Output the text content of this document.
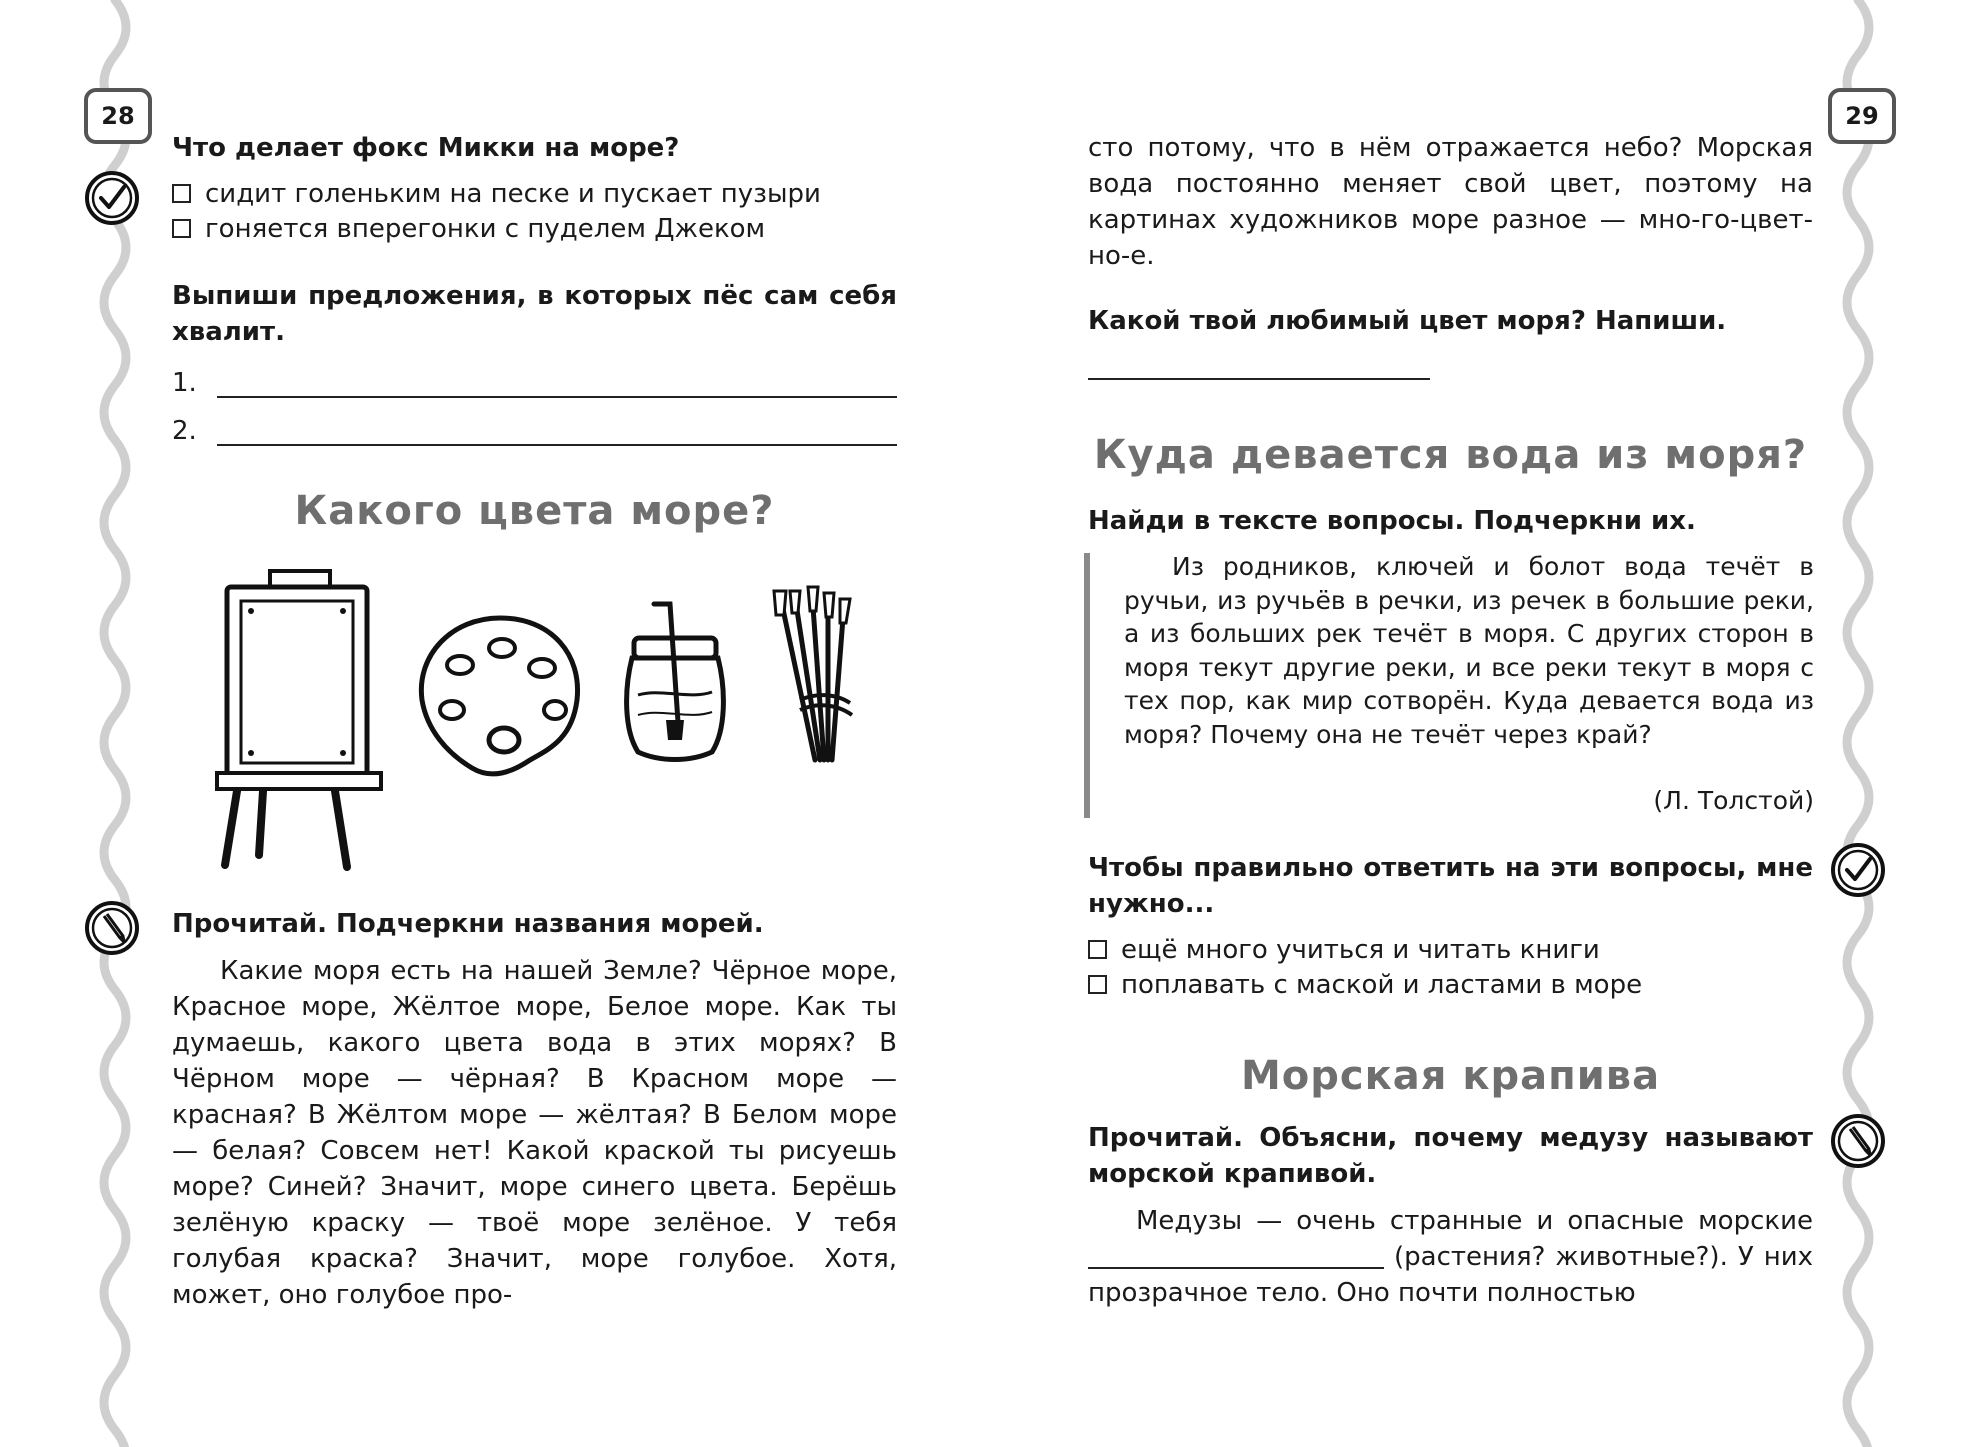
28	29
Что делает фокс Микки на море?
сидит голеньким на песке и пускает пузыри
гоняется вперегонки с пуделем Джеком
Выпиши предложения, в которых пёс сам себя хвалит.
1.
2.
Какого цвета море?
Прочитай. Подчеркни названия морей.
Какие моря есть на нашей Земле? Чёрное море, Красное море, Жёлтое море, Белое море. Как ты думаешь, какого цвета вода в этих морях? В Чёрном море — чёрная? В Красном море — красная? В Жёлтом море — жёлтая? В Белом море — белая? Совсем нет! Какой краской ты рисуешь море? Синей? Значит, море синего цвета. Берёшь зелёную краску — твоё море зелёное. У тебя голубая краска? Значит, море голубое. Хотя, может, оно голубое про-
сто потому, что в нём отражается небо? Морская вода постоянно меняет свой цвет, поэтому на картинах художников море разное — мно-го-цвет-но-е.
Какой твой любимый цвет моря? Напиши.
Куда девается вода из моря?
Найди в тексте вопросы. Подчеркни их.
Из родников, ключей и болот вода течёт в ручьи, из ручьёв в речки, из речек в большие реки, а из больших рек течёт в моря. С других сторон в моря текут другие реки, и все реки текут в моря с тех пор, как мир сотворён. Куда девается вода из моря? Почему она не течёт через край?
(Л. Толстой)
Чтобы правильно ответить на эти вопросы, мне нужно...
ещё много учиться и читать книги
поплавать с маской и ластами в море
Морская крапива
Прочитай. Объясни, почему медузу называют морской крапивой.
Медузы — очень странные и опасные морские  (растения? животные?). У них прозрачное тело. Оно почти полностью
